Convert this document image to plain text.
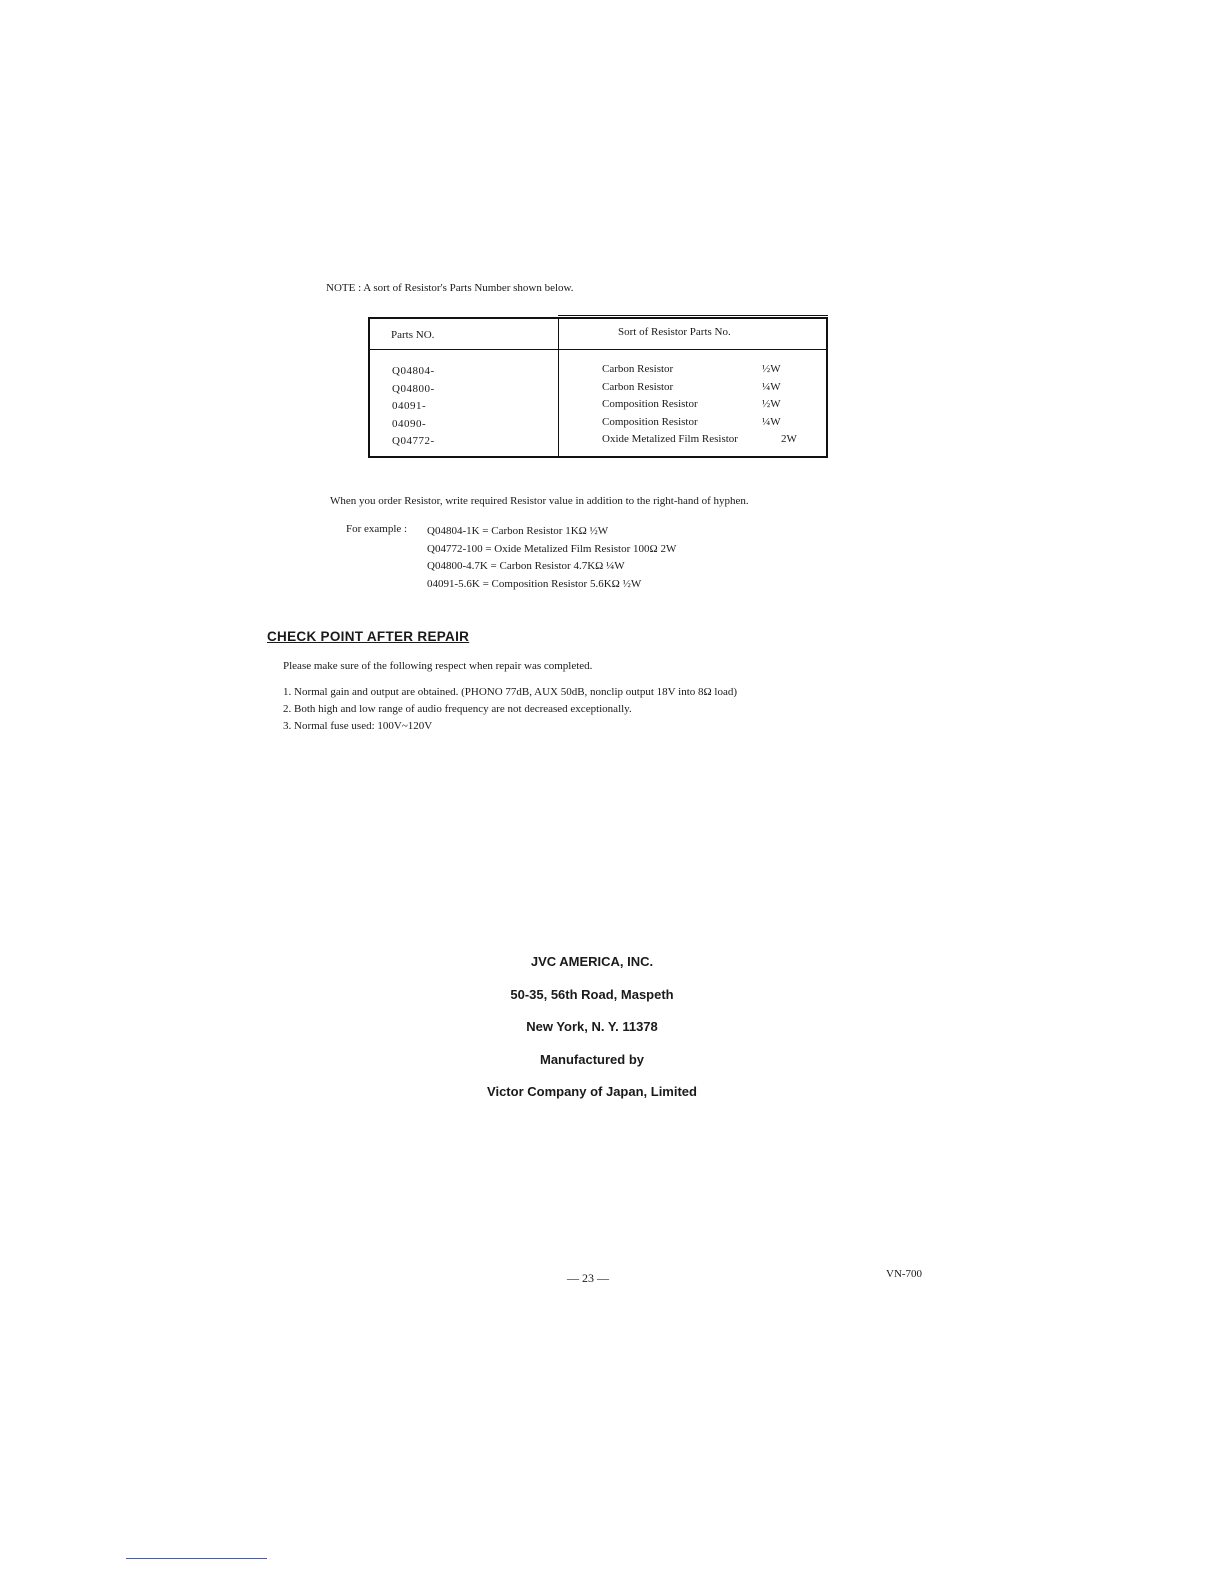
NOTE : A sort of Resistor's Parts Number shown below.
Parts NO.	Sort of Resistor Parts No.
Q04804-
Q04800-
04091-
04090-
Q04772-
Carbon Resistor
Carbon Resistor
Composition Resistor
Composition Resistor
Oxide Metalized Film Resistor
½W
¼W
½W
¼W
2W
When you order Resistor, write required Resistor value in addition to the right-hand of hyphen.
For example : Q04804-1K = Carbon Resistor 1KΩ ½W
Q04772-100 = Oxide Metalized Film Resistor 100Ω 2W
Q04800-4.7K = Carbon Resistor 4.7KΩ ¼W
04091-5.6K = Composition Resistor 5.6KΩ ½W
CHECK POINT AFTER REPAIR
Please make sure of the following respect when repair was completed.
1. Normal gain and output are obtained. (PHONO 77dB, AUX 50dB, nonclip output 18V into 8Ω load)
2. Both high and low range of audio frequency are not decreased exceptionally.
3. Normal fuse used: 100V~120V
JVC AMERICA, INC.
50-35, 56th Road, Maspeth
New York, N. Y. 11378
Manufactured by
Victor Company of Japan, Limited
— 23 —	VN-700
